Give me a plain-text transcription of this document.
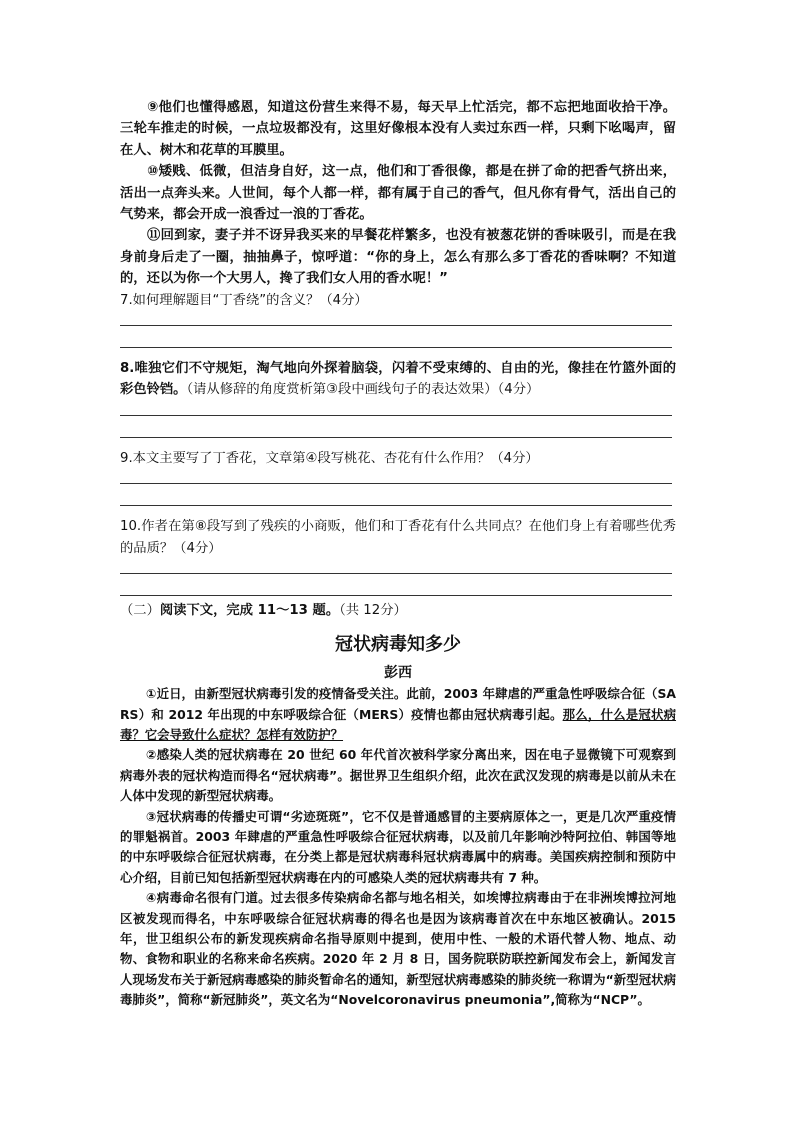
⑨他们也懂得感恩，知道这份营生来得不易，每天早上忙活完，都不忘把地面收拾干净。三轮车推走的时候，一点垃圾都没有，这里好像根本没有人卖过东西一样，只剩下吆喝声，留在人、树木和花草的耳膜里。

⑩矮贱、低微，但洁身自好，这一点，他们和丁香很像，都是在拼了命的把香气挤出来，活出一点奔头来。人世间，每个人都一样，都有属于自己的香气，但凡你有骨气，活出自己的气势来，都会开成一浪香过一浪的丁香花。

⑪回到家，妻子并不讶异我买来的早餐花样繁多，也没有被葱花饼的香味吸引，而是在我身前身后走了一圈，抽抽鼻子，惊呼道：“你的身上，怎么有那么多丁香花的香味啊？不知道的，还以为你一个大男人，搀了我们女人用的香水呢！”

7.如何理解题目“丁香绕”的含义？（4分）

8.唯独它们不守规矩，淘气地向外探着脑袋，闪着不受束缚的、自由的光，像挂在竹篮外面的彩色铃铛。（请从修辞的角度赏析第③段中画线句子的表达效果）（4分）

9.本文主要写了丁香花，文章第④段写桃花、杏花有什么作用？（4分）

10.作者在第⑧段写到了残疾的小商贩，他们和丁香花有什么共同点？在他们身上有着哪些优秀的品质？（4分）

（二）阅读下文，完成 11～13 题。（共 12分）

冠状病毒知多少

彭西

①近日，由新型冠状病毒引发的疫情备受关注。此前，2003 年肆虐的严重急性呼吸综合征（SARS）和 2012 年出现的中东呼吸综合征（MERS）疫情也都由冠状病毒引起。那么，什么是冠状病毒？它会导致什么症状？怎样有效防护？

②感染人类的冠状病毒在 20 世纪 60 年代首次被科学家分离出来，因在电子显微镜下可观察到病毒外表的冠状构造而得名“冠状病毒”。据世界卫生组织介绍，此次在武汉发现的病毒是以前从未在人体中发现的新型冠状病毒。

③冠状病毒的传播史可谓“劣迹斑斑”，它不仅是普通感冒的主要病原体之一，更是几次严重疫情的罪魁祸首。2003 年肆虐的严重急性呼吸综合征冠状病毒，以及前几年影响沙特阿拉伯、韩国等地的中东呼吸综合征冠状病毒，在分类上都是冠状病毒科冠状病毒属中的病毒。美国疾病控制和预防中心介绍，目前已知包括新型冠状病毒在内的可感染人类的冠状病毒共有 7 种。

④病毒命名很有门道。过去很多传染病命名都与地名相关，如埃博拉病毒由于在非洲埃博拉河地区被发现而得名，中东呼吸综合征冠状病毒的得名也是因为该病毒首次在中东地区被确认。2015 年，世卫组织公布的新发现疾病命名指导原则中提到，使用中性、一般的术语代替人物、地点、动物、食物和职业的名称来命名疾病。2020 年 2 月 8 日，国务院联防联控新闻发布会上，新闻发言人现场发布关于新冠病毒感染的肺炎暂命名的通知，新型冠状病毒感染的肺炎统一称谓为“新型冠状病毒肺炎”，简称“新冠肺炎”，英文名为“Novelcoronavirus pneumonia”,简称为“NCP”。
